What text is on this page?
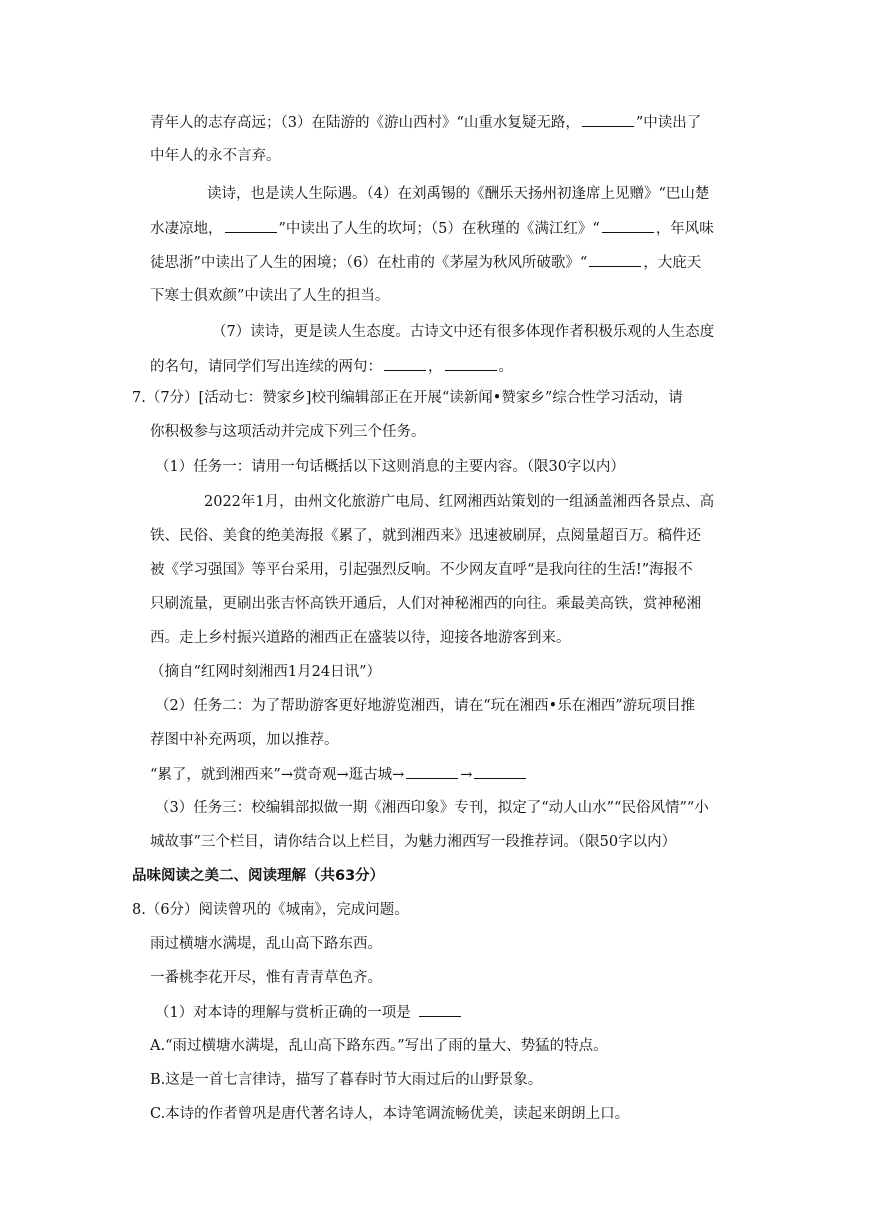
青年人的志存高远；（3）在陆游的《游山西村》“山重水复疑无路，	”中读出了
中年人的永不言弃。
读诗，也是读人生际遇。（4）在刘禹锡的《酬乐天扬州初逢席上见赠》“巴山楚
水凄凉地，	”中读出了人生的坎坷；（5）在秋瑾的《满江红》“	，年风味
徒思浙”中读出了人生的困境；（6）在杜甫的《茅屋为秋风所破歌》“	，大庇天
下寒士俱欢颜”中读出了人生的担当。
（7）读诗，更是读人生态度。古诗文中还有很多体现作者积极乐观的人生态度
的名句，请同学们写出连续的两句：	，	。
7.（7分）[活动七：赞家乡]校刊编辑部正在开展“读新闻•赞家乡”综合性学习活动，请
你积极参与这项活动并完成下列三个任务。
（1）任务一：请用一句话概括以下这则消息的主要内容。（限30字以内）
2022年1月，由州文化旅游广电局、红网湘西站策划的一组涵盖湘西各景点、高
铁、民俗、美食的绝美海报《累了，就到湘西来》迅速被刷屏，点阅量超百万。稿件还
被《学习强国》等平台采用，引起强烈反响。不少网友直呼“是我向往的生活!”海报不
只刷流量，更刷出张吉怀高铁开通后，人们对神秘湘西的向往。乘最美高铁，赏神秘湘
西。走上乡村振兴道路的湘西正在盛装以待，迎接各地游客到来。
（摘自“红网时刻湘西1月24日讯”）
（2）任务二：为了帮助游客更好地游览湘西，请在“玩在湘西•乐在湘西”游玩项目推
荐图中补充两项，加以推荐。
“累了，就到湘西来”→赏奇观→逛古城→	→
（3）任务三：校编辑部拟做一期《湘西印象》专刊，拟定了“动人山水”“民俗风情”“小
城故事”三个栏目，请你结合以上栏目，为魅力湘西写一段推荐词。（限50字以内）
品味阅读之美二、阅读理解（共63分）
8.（6分）阅读曾巩的《城南》，完成问题。
雨过横塘水满堤，乱山高下路东西。
一番桃李花开尽，惟有青青草色齐。
（1）对本诗的理解与赏析正确的一项是
A.“雨过横塘水满堤，乱山高下路东西。”写出了雨的量大、势猛的特点。
B.这是一首七言律诗，描写了暮春时节大雨过后的山野景象。
C.本诗的作者曾巩是唐代著名诗人，本诗笔调流畅优美，读起来朗朗上口。
